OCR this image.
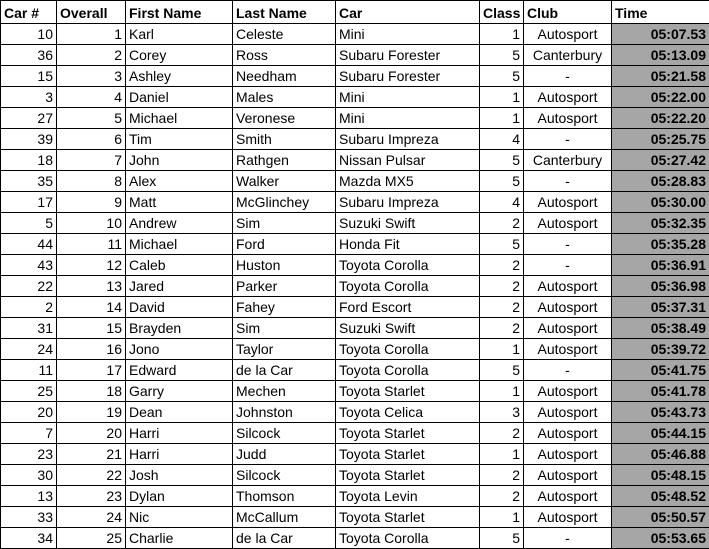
Car #	Overall	First Name	Last Name	Car	Class	Club	Time
10	1	Karl	Celeste	Mini	1	Autosport	05:07.53
36	2	Corey	Ross	Subaru Forester	5	Canterbury	05:13.09
15	3	Ashley	Needham	Subaru Forester	5	-	05:21.58
3	4	Daniel	Males	Mini	1	Autosport	05:22.00
27	5	Michael	Veronese	Mini	1	Autosport	05:22.20
39	6	Tim	Smith	Subaru Impreza	4	-	05:25.75
18	7	John	Rathgen	Nissan Pulsar	5	Canterbury	05:27.42
35	8	Alex	Walker	Mazda MX5	5	-	05:28.83
17	9	Matt	McGlinchey	Subaru Impreza	4	Autosport	05:30.00
5	10	Andrew	Sim	Suzuki Swift	2	Autosport	05:32.35
44	11	Michael	Ford	Honda Fit	5	-	05:35.28
43	12	Caleb	Huston	Toyota Corolla	2	-	05:36.91
22	13	Jared	Parker	Toyota Corolla	2	Autosport	05:36.98
2	14	David	Fahey	Ford Escort	2	Autosport	05:37.31
31	15	Brayden	Sim	Suzuki Swift	2	Autosport	05:38.49
24	16	Jono	Taylor	Toyota Corolla	1	Autosport	05:39.72
11	17	Edward	de la Car	Toyota Corolla	5	-	05:41.75
25	18	Garry	Mechen	Toyota Starlet	1	Autosport	05:41.78
20	19	Dean	Johnston	Toyota Celica	3	Autosport	05:43.73
7	20	Harri	Silcock	Toyota Starlet	2	Autosport	05:44.15
23	21	Harri	Judd	Toyota Starlet	1	Autosport	05:46.88
30	22	Josh	Silcock	Toyota Starlet	2	Autosport	05:48.15
13	23	Dylan	Thomson	Toyota Levin	2	Autosport	05:48.52
33	24	Nic	McCallum	Toyota Starlet	1	Autosport	05:50.57
34	25	Charlie	de la Car	Toyota Corolla	5	-	05:53.65
